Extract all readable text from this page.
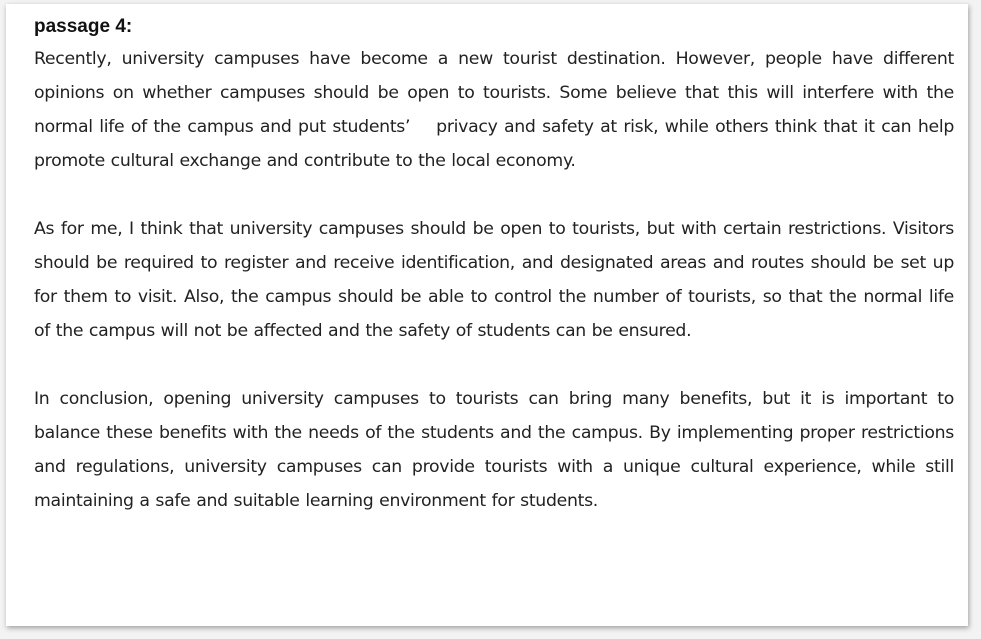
passage 4:

Recently, university campuses have become a new tourist destination. However, people have different opinions on whether campuses should be open to tourists. Some believe that this will interfere with the normal life of the campus and put students’    privacy and safety at risk, while others think that it can help promote cultural exchange and contribute to the local economy.

As for me, I think that university campuses should be open to tourists, but with certain restrictions. Visitors should be required to register and receive identification, and designated areas and routes should be set up for them to visit. Also, the campus should be able to control the number of tourists, so that the normal life of the campus will not be affected and the safety of students can be ensured.

In conclusion, opening university campuses to tourists can bring many benefits, but it is important to balance these benefits with the needs of the students and the campus. By implementing proper restrictions and regulations, university campuses can provide tourists with a unique cultural experience, while still maintaining a safe and suitable learning environment for students.
